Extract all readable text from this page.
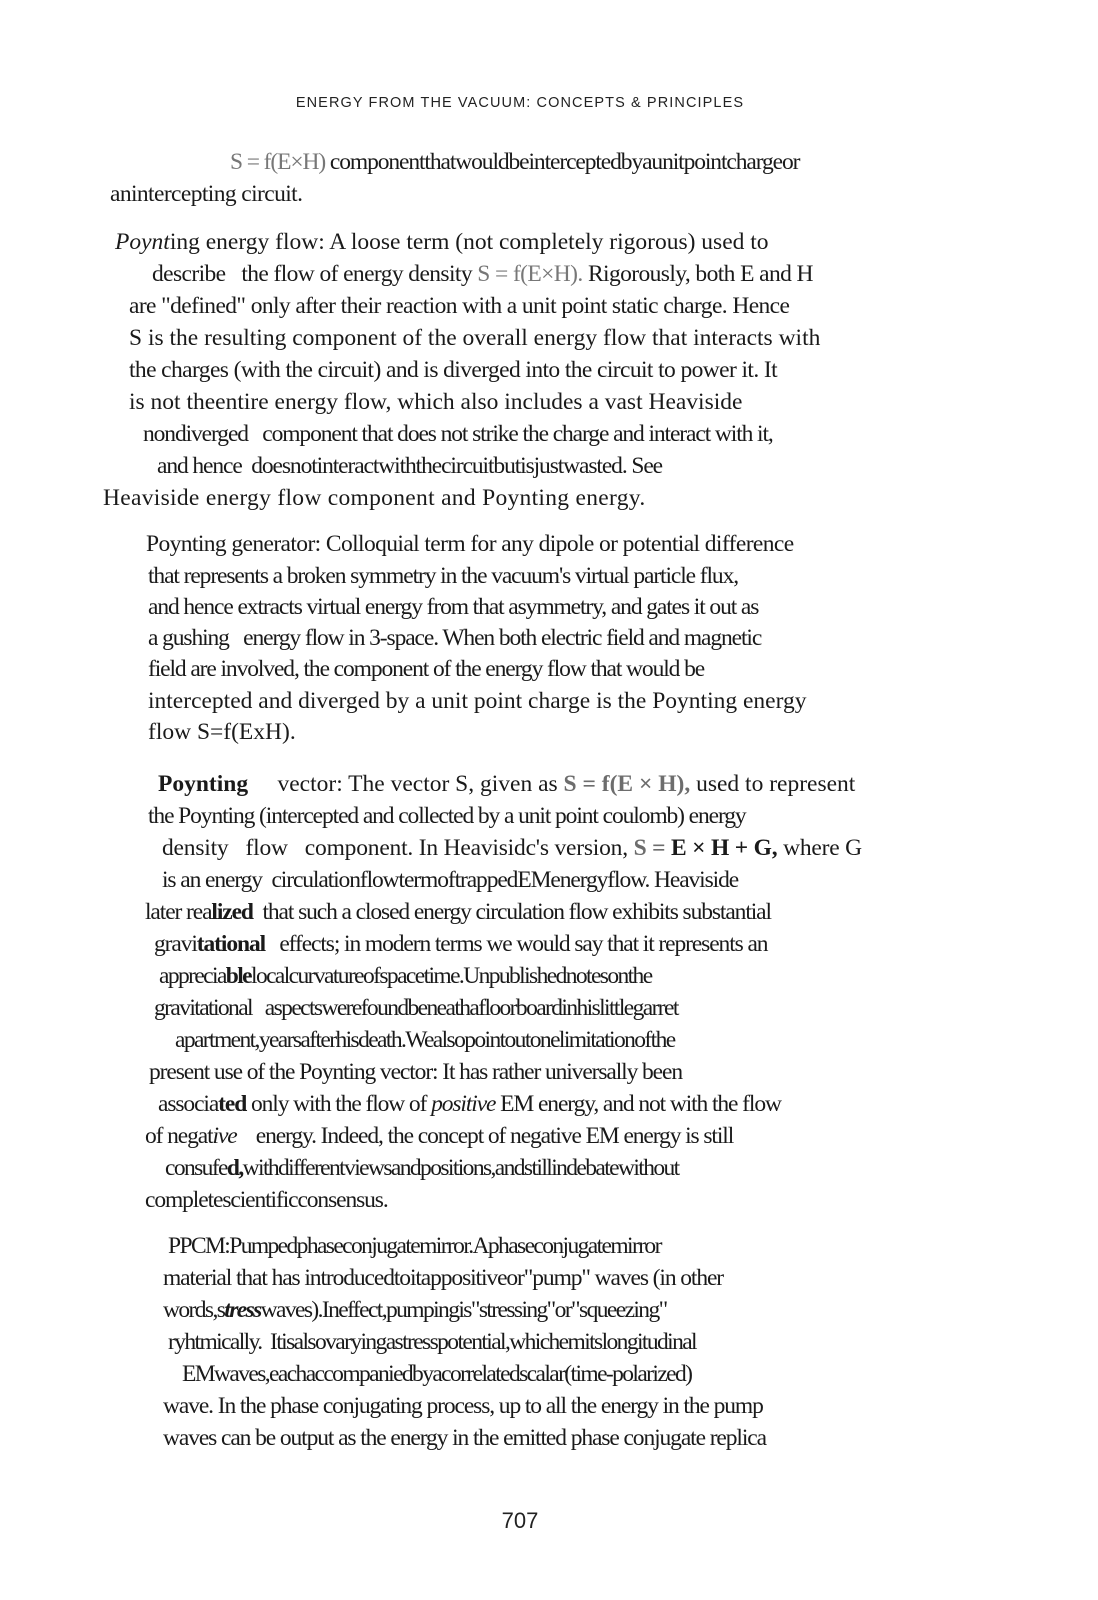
ENERGY FROM THE VACUUM: CONCEPTS & PRINCIPLES
S = f(E×H) componentthatwouldbeinterceptedbyaunitpointchargeor
anintercepting circuit.
Poynting energy flow: A loose term (not completely rigorous) used to
describe   the flow of energy density S = f(E×H). Rigorously, both E and H
are "defined" only after their reaction with a unit point static charge. Hence
S is the resulting component of the overall energy flow that interacts with
the charges (with the circuit) and is diverged into the circuit to power it. It
is not theentire energy flow, which also includes a vast Heaviside
nondiverged   component that does not strike the charge and interact with it,
and hence  doesnotinteractwiththecircuitbutisjustwasted. See
Heaviside energy flow component and Poynting energy.
Poynting generator: Colloquial term for any dipole or potential difference
that represents a broken symmetry in the vacuum's virtual particle flux,
and hence extracts virtual energy from that asymmetry, and gates it out as
a gushing   energy flow in 3-space. When both electric field and magnetic
field are involved, the component of the energy flow that would be
intercepted and diverged by a unit point charge is the Poynting energy
flow S=f(ExH).
Poynting     vector: The vector S, given as S = f(E × H), used to represent
the Poynting (intercepted and collected by a unit point coulomb) energy
density   flow   component. In Heavisidc's version, S = E × H + G, where G
is an energy  circulationflowtermoftrappedEMenergyflow. Heaviside
later realized  that such a closed energy circulation flow exhibits substantial
gravitational   effects; in modern terms we would say that it represents an
appreciablelocalcurvatureofspacetime.Unpublishednotesonthe
gravitational   aspectswerefoundbeneathafloorboardinhislittlegarret
apartment,yearsafterhisdeath.Wealsopointoutonelimitationofthe
present use of the Poynting vector: It has rather universally been
associated only with the flow of positive EM energy, and not with the flow
of negative    energy. Indeed, the concept of negative EM energy is still
consufed,withdifferentviewsandpositions,andstillindebatewithout
completescientificconsensus.
PPCM:Pumpedphaseconjugatemirror.Aphaseconjugatemirror
material that has introducedtoitappositiveor"pump" waves (in other
words,stresswaves).Ineffect,pumpingis"stressing"or"squeezing"
ryhtmically.  Itisalsovaryingastresspotential,whichemitslongitudinal
EMwaves,eachaccompaniedbyacorrelatedscalar(time-polarized)
wave. In the phase conjugating process, up to all the energy in the pump
waves can be output as the energy in the emitted phase conjugate replica
707
